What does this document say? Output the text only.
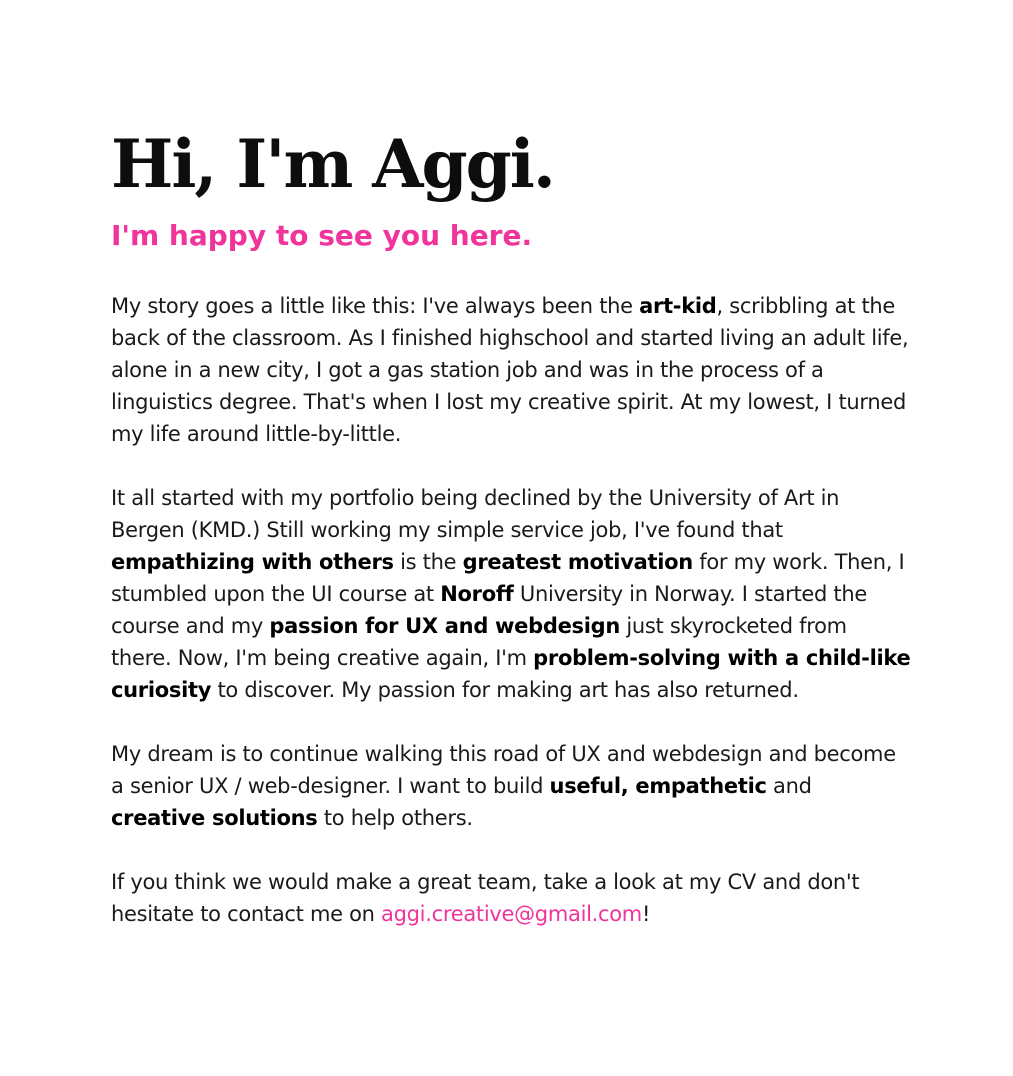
Hi, I'm Aggi.
I'm happy to see you here.

My story goes a little like this: I've always been the art-kid, scribbling at the back of the classroom. As I finished highschool and started living an adult life, alone in a new city, I got a gas station job and was in the process of a linguistics degree. That's when I lost my creative spirit. At my lowest, I turned my life around little-by-little.

It all started with my portfolio being declined by the University of Art in Bergen (KMD.) Still working my simple service job, I've found that empathizing with others is the greatest motivation for my work. Then, I stumbled upon the UI course at Noroff University in Norway. I started the course and my passion for UX and webdesign just skyrocketed from there. Now, I'm being creative again, I'm problem-solving with a child-like curiosity to discover. My passion for making art has also returned.

My dream is to continue walking this road of UX and webdesign and become a senior UX / web-designer. I want to build useful, empathetic and creative solutions to help others.

If you think we would make a great team, take a look at my CV and don't hesitate to contact me on aggi.creative@gmail.com!
